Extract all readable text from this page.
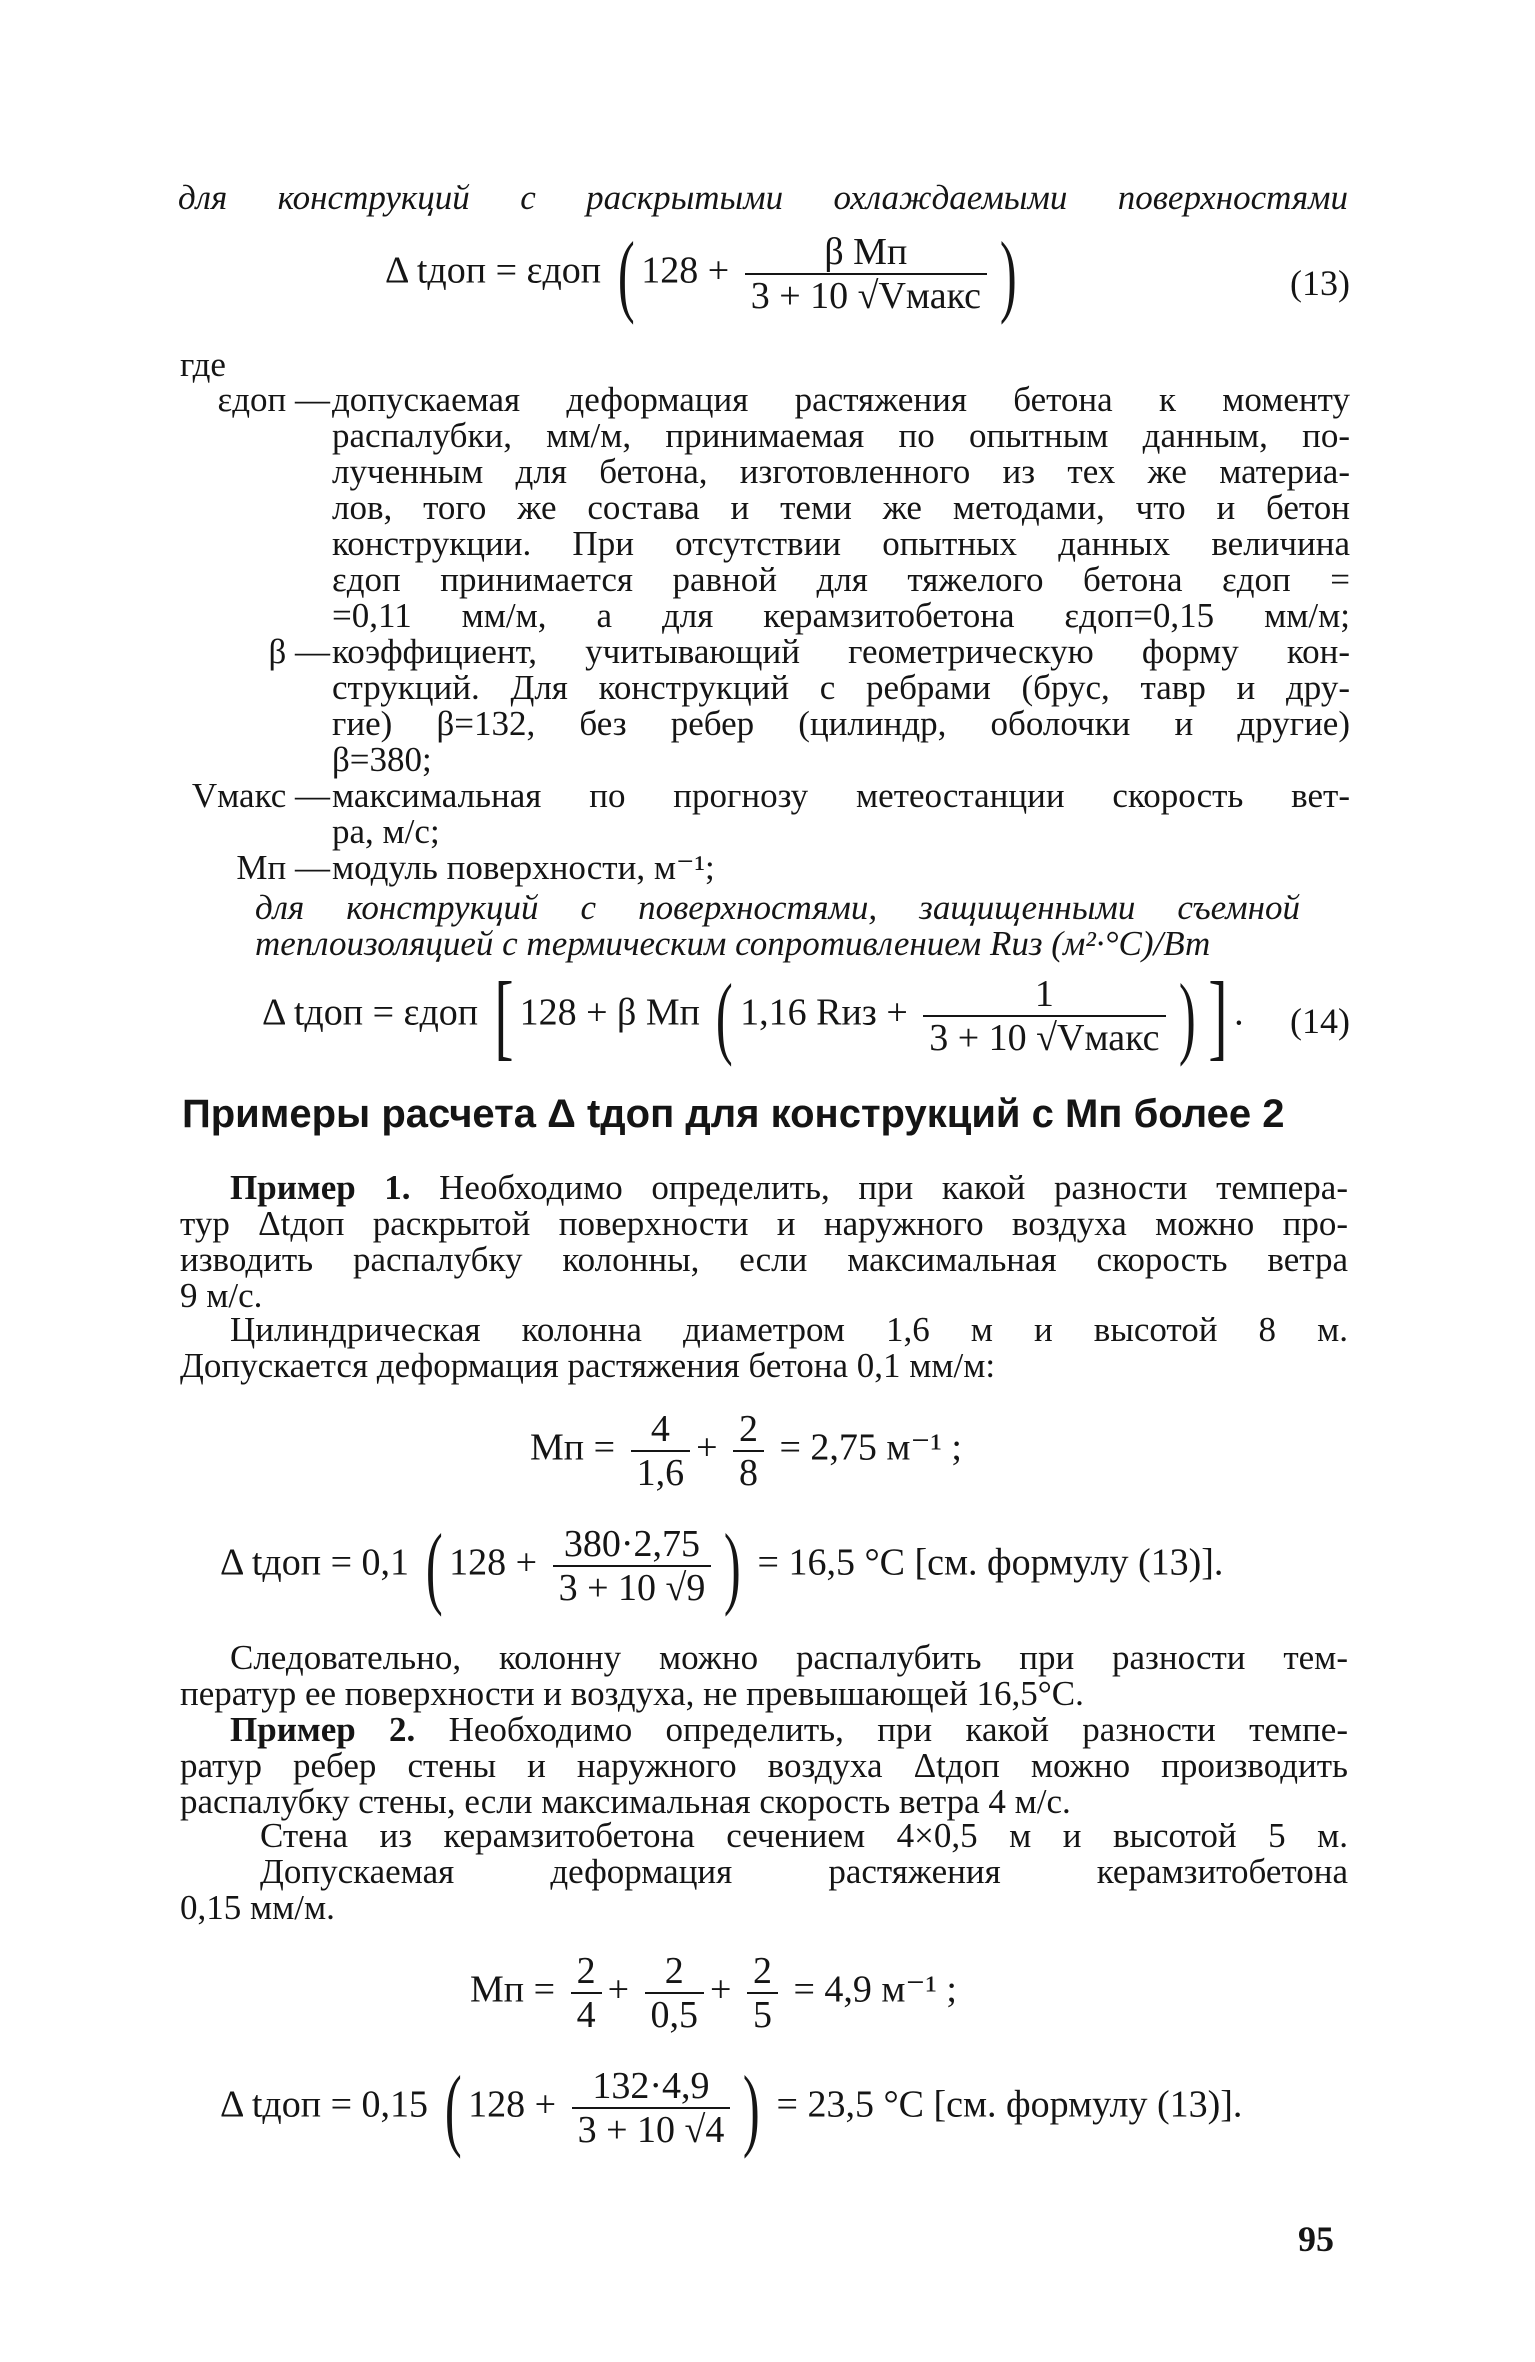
для конструкций с раскрытыми охлаждаемыми поверхностями
Δ tдоп = εдоп ( $128 + \frac{\text{β Mп}}{\text{3 + 10 √Vмакс}}$ )	(13)
где
εдоп — допускаемая деформация растяжения бетона к моменту
распалубки, мм/м, принимаемая по опытным данным, по-
лученным для бетона, изготовленного из тех же материа-
лов, того же состава и теми же методами, что и бетон
конструкции. При отсутствии опытных данных величина
εдоп принимается равной для тяжелого бетона εдоп =
=0,11 мм/м, а для керамзитобетона εдоп=0,15 мм/м;
β — коэффициент, учитывающий геометрическую форму кон-
струкций. Для конструкций с ребрами (брус, тавр и дру-
гие) β=132, без ребер (цилиндр, оболочки и другие)
β=380;
Vмакс — максимальная по прогнозу метеостанции скорость вет-
ра, м/с;
Mп — модуль поверхности, м⁻¹;
для конструкций с поверхностями, защищенными съемной
теплоизоляцией с термическим сопротивлением Rиз (м²·°C)/Вт
Δ tдоп = εдоп [ 128 + β Mп ( 1,16 Rиз + $\frac{1}{\text{3 + 10 √Vмакс}}$ ) ] . (14)
Примеры расчета Δ tдоп для конструкций с Mп более 2
Пример 1. Необходимо определить, при какой разности темпера-
тур Δtдоп раскрытой поверхности и наружного воздуха можно про-
изводить распалубку колонны, если максимальная скорость ветра
9 м/с.
Цилиндрическая колонна диаметром 1,6 м и высотой 8 м.
Допускается деформация растяжения бетона 0,1 мм/м:
Mп = $\frac{4}{1,6} + \frac{2}{8} = 2,75$ м⁻¹ ;
Δ tдоп = 0,1 ( $128 + \frac{380\cdot 2,75}{3 + 10 √9}$ ) = 16,5 °C [см. формулу (13)].
Следовательно, колонну можно распалубить при разности тем-
ператур ее поверхности и воздуха, не превышающей 16,5°C.
Пример 2. Необходимо определить, при какой разности темпе-
ратур ребер стены и наружного воздуха Δtдоп можно производить
распалубку стены, если максимальная скорость ветра 4 м/с.
Стена из керамзитобетона сечением 4×0,5 м и высотой 5 м.
Допускаемая деформация растяжения керамзитобетона
0,15 мм/м.
Mп = $\frac{2}{4} + \frac{2}{0,5} + \frac{2}{5} = 4,9$ м⁻¹ ;
Δ tдоп = 0,15 ( $128 + \frac{132\cdot 4,9}{3 + 10 √4}$ ) = 23,5 °C [см. формулу (13)].
95
